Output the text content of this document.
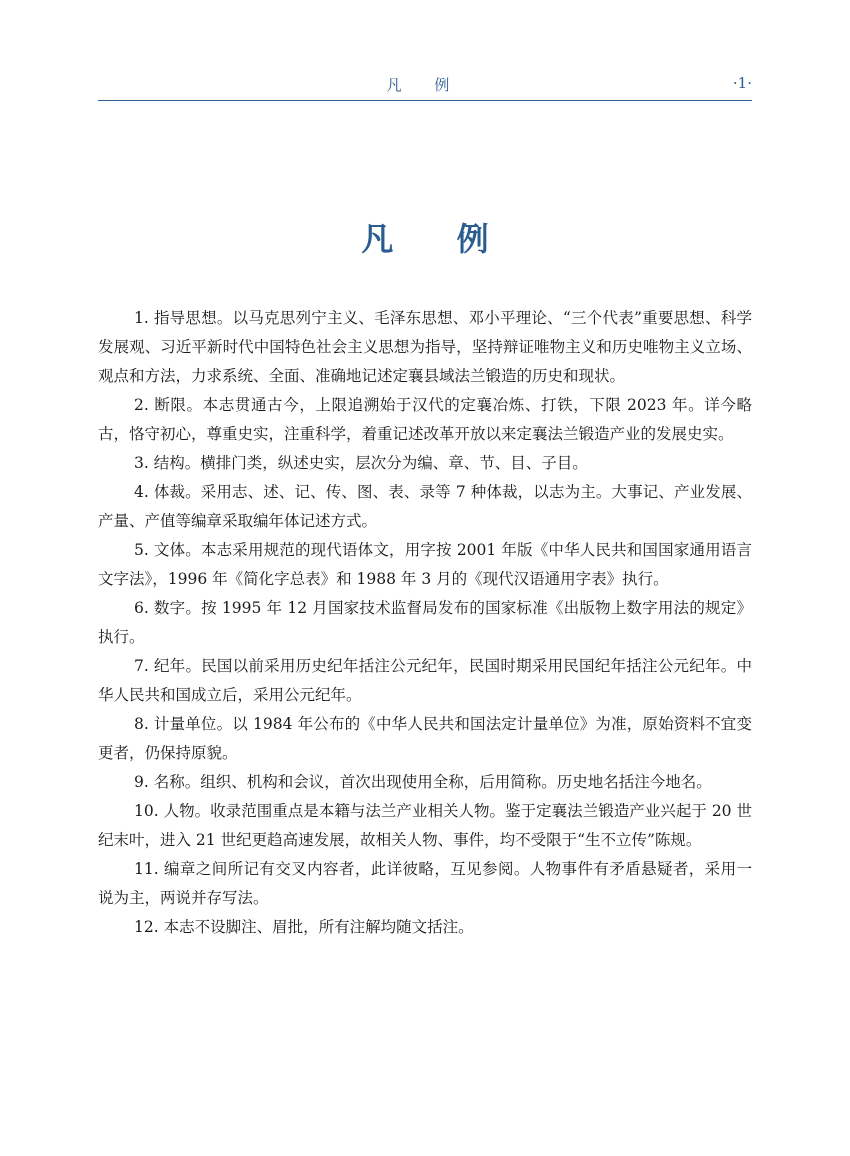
凡 例	·1·
凡 例

1. 指导思想。以马克思列宁主义、毛泽东思想、邓小平理论、“三个代表”重要思想、科学发展观、习近平新时代中国特色社会主义思想为指导，坚持辩证唯物主义和历史唯物主义立场、观点和方法，力求系统、全面、准确地记述定襄县域法兰锻造的历史和现状。

2. 断限。本志贯通古今，上限追溯始于汉代的定襄冶炼、打铁，下限 2023 年。详今略古，恪守初心，尊重史实，注重科学，着重记述改革开放以来定襄法兰锻造产业的发展史实。

3. 结构。横排门类，纵述史实，层次分为编、章、节、目、子目。

4. 体裁。采用志、述、记、传、图、表、录等 7 种体裁，以志为主。大事记、产业发展、产量、产值等编章采取编年体记述方式。

5. 文体。本志采用规范的现代语体文，用字按 2001 年版《中华人民共和国国家通用语言文字法》，1996 年《简化字总表》和 1988 年 3 月的《现代汉语通用字表》执行。

6. 数字。按 1995 年 12 月国家技术监督局发布的国家标准《出版物上数字用法的规定》执行。

7. 纪年。民国以前采用历史纪年括注公元纪年，民国时期采用民国纪年括注公元纪年。中华人民共和国成立后，采用公元纪年。

8. 计量单位。以 1984 年公布的《中华人民共和国法定计量单位》为准，原始资料不宜变更者，仍保持原貌。

9. 名称。组织、机构和会议，首次出现使用全称，后用简称。历史地名括注今地名。

10. 人物。收录范围重点是本籍与法兰产业相关人物。鉴于定襄法兰锻造产业兴起于 20 世纪末叶，进入 21 世纪更趋高速发展，故相关人物、事件，均不受限于“生不立传”陈规。

11. 编章之间所记有交叉内容者，此详彼略，互见参阅。人物事件有矛盾悬疑者，采用一说为主，两说并存写法。

12. 本志不设脚注、眉批，所有注解均随文括注。
